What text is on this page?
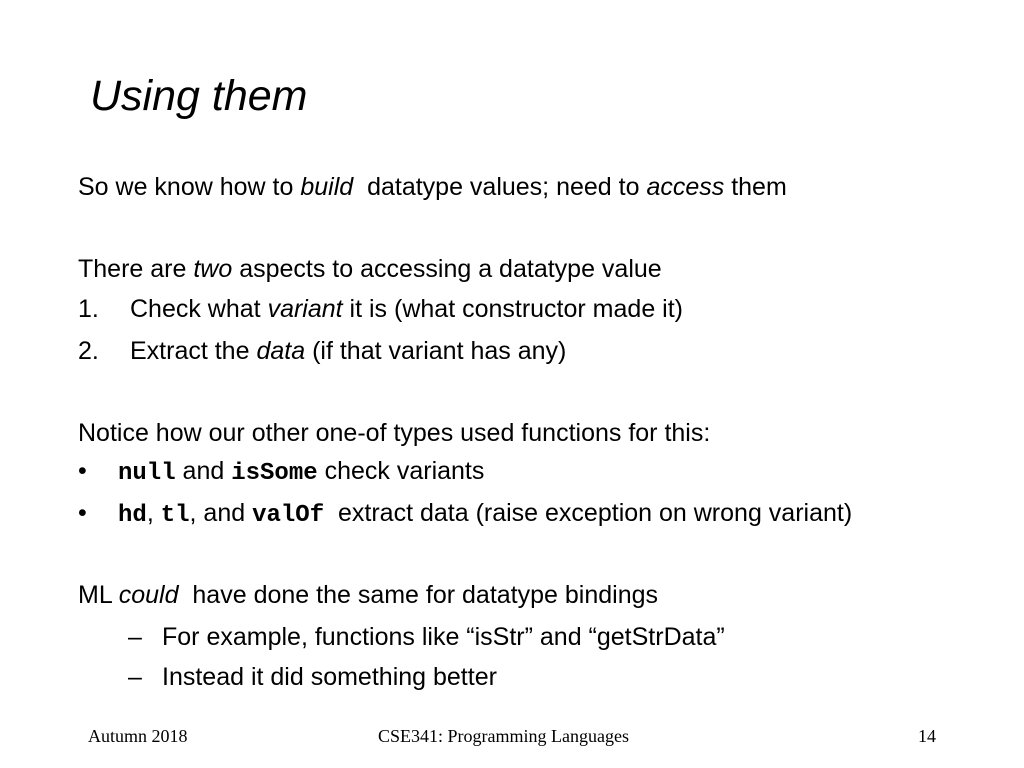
Using them
So we know how to build  datatype values; need to access them
There are two aspects to accessing a datatype value
1. Check what variant it is (what constructor made it)
2. Extract the data (if that variant has any)
Notice how our other one-of types used functions for this:
• null and isSome check variants
• hd, tl, and valOf  extract data (raise exception on wrong variant)
ML could  have done the same for datatype bindings
– For example, functions like “isStr” and “getStrData”
– Instead it did something better
Autumn 2018	CSE341: Programming Languages	14
